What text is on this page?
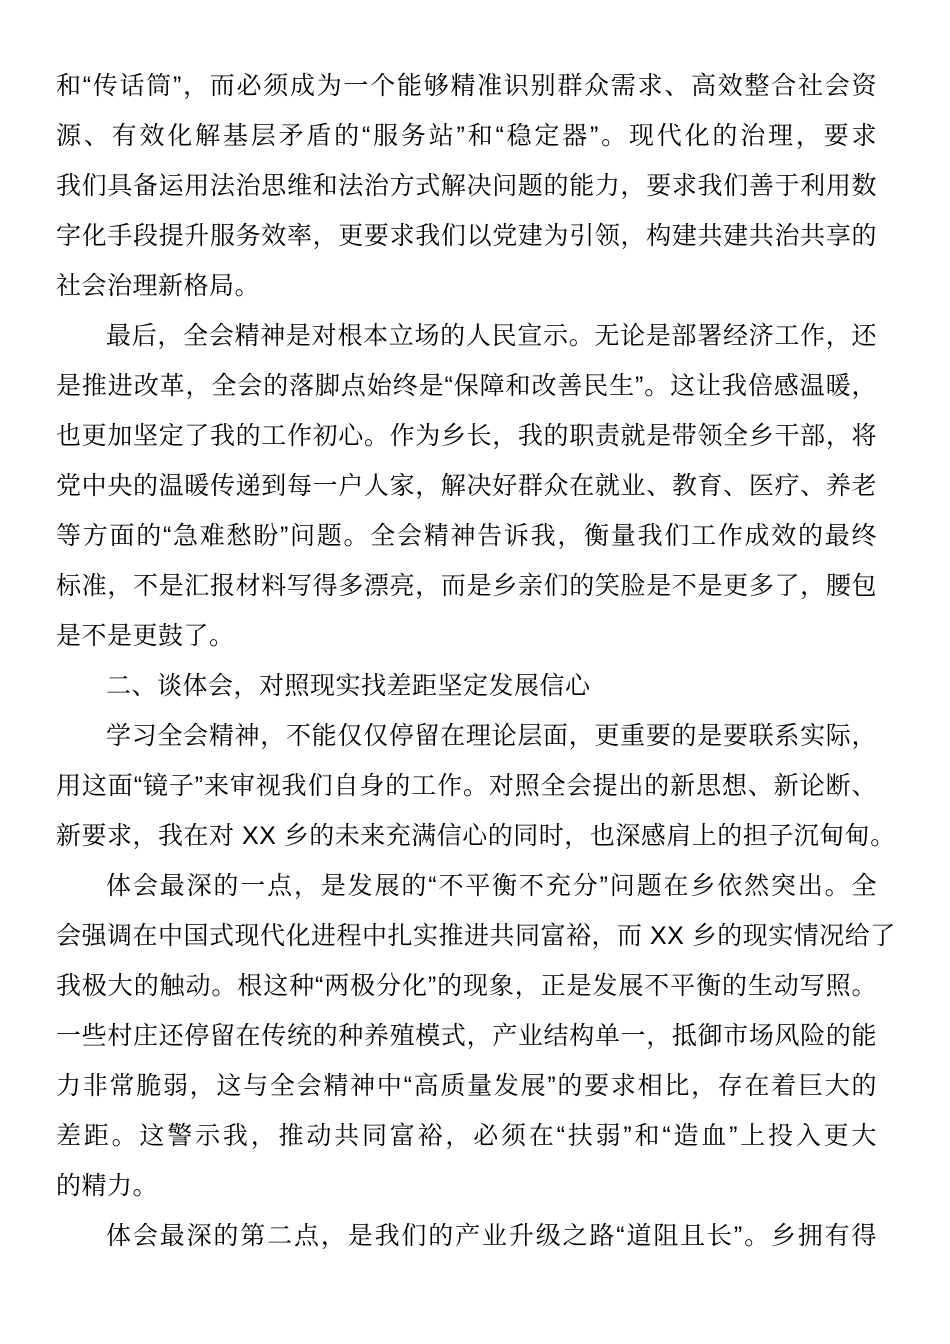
和“传话筒”，而必须成为一个能够精准识别群众需求、高效整合社会资
源、有效化解基层矛盾的“服务站”和“稳定器”。现代化的治理，要求
我们具备运用法治思维和法治方式解决问题的能力，要求我们善于利用数
字化手段提升服务效率，更要求我们以党建为引领，构建共建共治共享的
社会治理新格局。
最后，全会精神是对根本立场的人民宣示。无论是部署经济工作，还
是推进改革，全会的落脚点始终是“保障和改善民生”。这让我倍感温暖，
也更加坚定了我的工作初心。作为乡长，我的职责就是带领全乡干部，将
党中央的温暖传递到每一户人家，解决好群众在就业、教育、医疗、养老
等方面的“急难愁盼”问题。全会精神告诉我，衡量我们工作成效的最终
标准，不是汇报材料写得多漂亮，而是乡亲们的笑脸是不是更多了，腰包
是不是更鼓了。
二、谈体会，对照现实找差距坚定发展信心
学习全会精神，不能仅仅停留在理论层面，更重要的是要联系实际，
用这面“镜子”来审视我们自身的工作。对照全会提出的新思想、新论断、
新要求，我在对 XX 乡的未来充满信心的同时，也深感肩上的担子沉甸甸。
体会最深的一点，是发展的“不平衡不充分”问题在乡依然突出。全
会强调在中国式现代化进程中扎实推进共同富裕，而 XX 乡的现实情况给了
我极大的触动。根这种“两极分化”的现象，正是发展不平衡的生动写照。
一些村庄还停留在传统的种养殖模式，产业结构单一，抵御市场风险的能
力非常脆弱，这与全会精神中“高质量发展”的要求相比，存在着巨大的
差距。这警示我，推动共同富裕，必须在“扶弱”和“造血”上投入更大
的精力。
体会最深的第二点，是我们的产业升级之路“道阻且长”。乡拥有得
